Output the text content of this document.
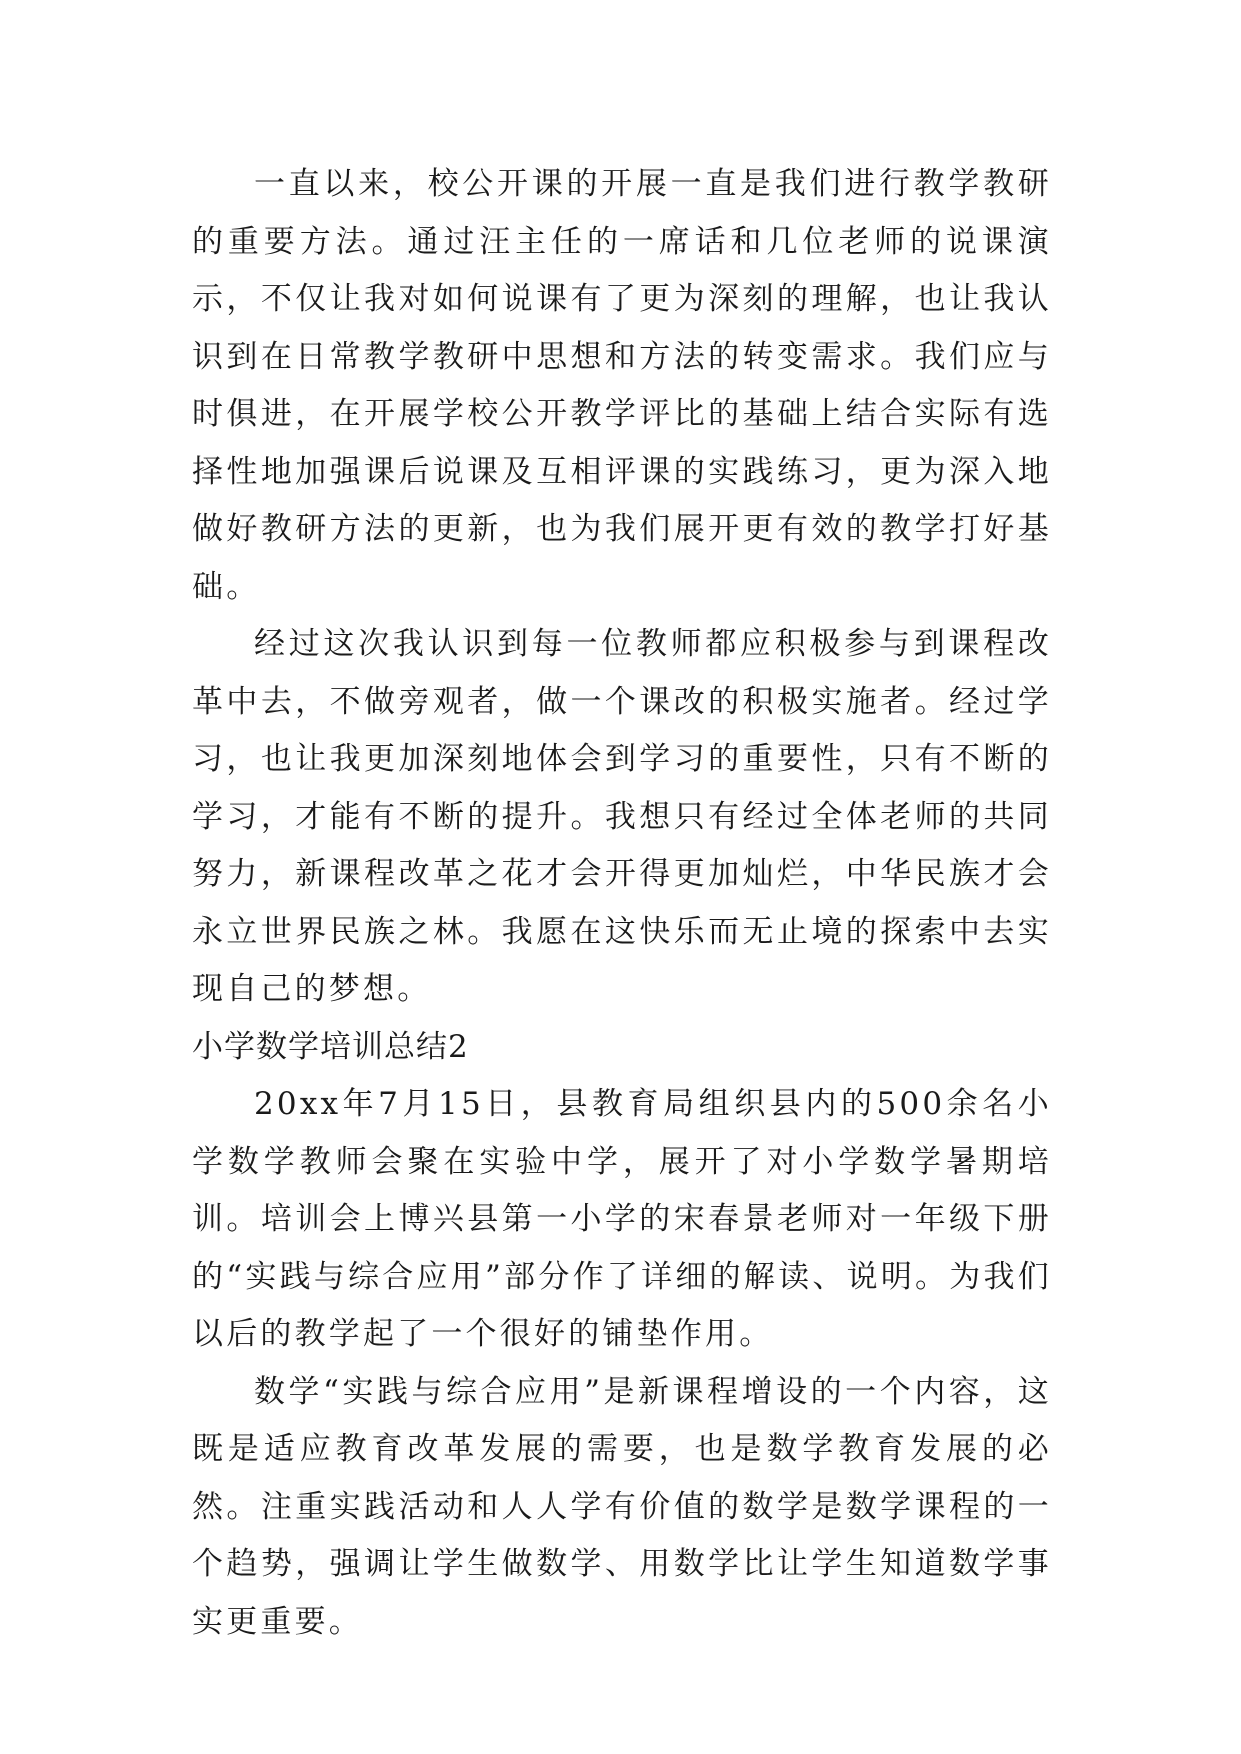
一直以来，校公开课的开展一直是我们进行教学教研的重要方法。通过汪主任的一席话和几位老师的说课演示，不仅让我对如何说课有了更为深刻的理解，也让我认识到在日常教学教研中思想和方法的转变需求。我们应与时俱进，在开展学校公开教学评比的基础上结合实际有选择性地加强课后说课及互相评课的实践练习，更为深入地做好教研方法的更新，也为我们展开更有效的教学打好基础。

经过这次我认识到每一位教师都应积极参与到课程改革中去，不做旁观者，做一个课改的积极实施者。经过学习，也让我更加深刻地体会到学习的重要性，只有不断的学习，才能有不断的提升。我想只有经过全体老师的共同努力，新课程改革之花才会开得更加灿烂，中华民族才会永立世界民族之林。我愿在这快乐而无止境的探索中去实现自己的梦想。

小学数学培训总结2

20xx年7月15日，县教育局组织县内的500余名小学数学教师会聚在实验中学，展开了对小学数学暑期培训。培训会上博兴县第一小学的宋春景老师对一年级下册的“实践与综合应用”部分作了详细的解读、说明。为我们以后的教学起了一个很好的铺垫作用。

数学“实践与综合应用”是新课程增设的一个内容，这既是适应教育改革发展的需要，也是数学教育发展的必然。注重实践活动和人人学有价值的数学是数学课程的一个趋势，强调让学生做数学、用数学比让学生知道数学事实更重要。
